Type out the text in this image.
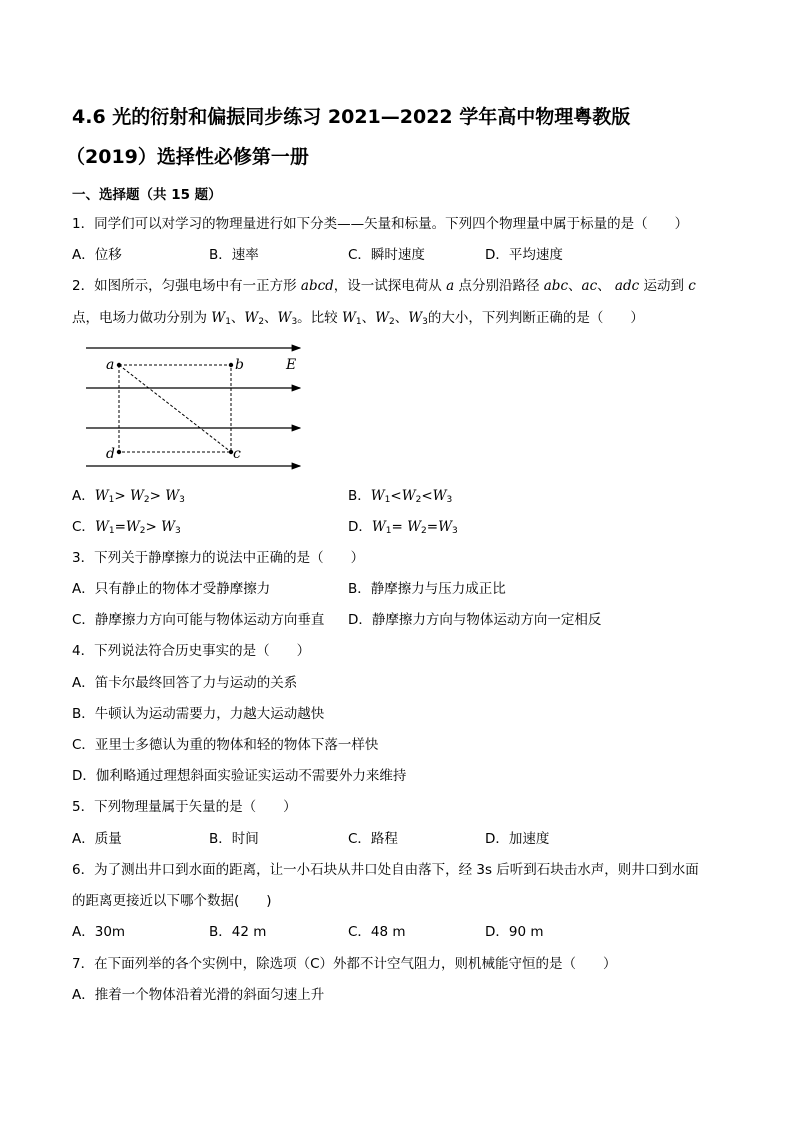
4.6 光的衍射和偏振同步练习 2021—2022 学年高中物理粤教版
（2019）选择性必修第一册
一、选择题（共 15 题）
1．同学们可以对学习的物理量进行如下分类——矢量和标量。下列四个物理量中属于标量的是（　　）
A．位移	B．速率	C．瞬时速度	D．平均速度
2．如图所示，匀强电场中有一正方形 abcd，设一试探电荷从 a 点分别沿路径 abc、ac、 adc 运动到 c
点，电场力做功分别为 $W_1$、$W_2$、$W_3$。比较 $W_1$、$W_2$、$W_3$的大小，下列判断正确的是（　　）
a	b	E
d	c
A．$W_1> W_2> W_3$	B．$W_1<W_2<W_3$
C．$W_1=W_2> W_3$	D．$W_1= W_2=W_3$
3．下列关于静摩擦力的说法中正确的是（　　）
A．只有静止的物体才受静摩擦力	B．静摩擦力与压力成正比
C．静摩擦力方向可能与物体运动方向垂直 D．静摩擦力方向与物体运动方向一定相反
4．下列说法符合历史事实的是（　　）
A．笛卡尔最终回答了力与运动的关系
B．牛顿认为运动需要力，力越大运动越快
C．亚里士多德认为重的物体和轻的物体下落一样快
D．伽利略通过理想斜面实验证实运动不需要外力来维持
5．下列物理量属于矢量的是（　　）
A．质量	B．时间	C．路程	D．加速度
6．为了测出井口到水面的距离，让一小石块从井口处自由落下，经 3s 后听到石块击水声，则井口到水面
的距离更接近以下哪个数据(　　)
A．30m	B．42 m	C．48 m	D．90 m
7．在下面列举的各个实例中，除选项（C）外都不计空气阻力，则机械能守恒的是（　　）
A．推着一个物体沿着光滑的斜面匀速上升
